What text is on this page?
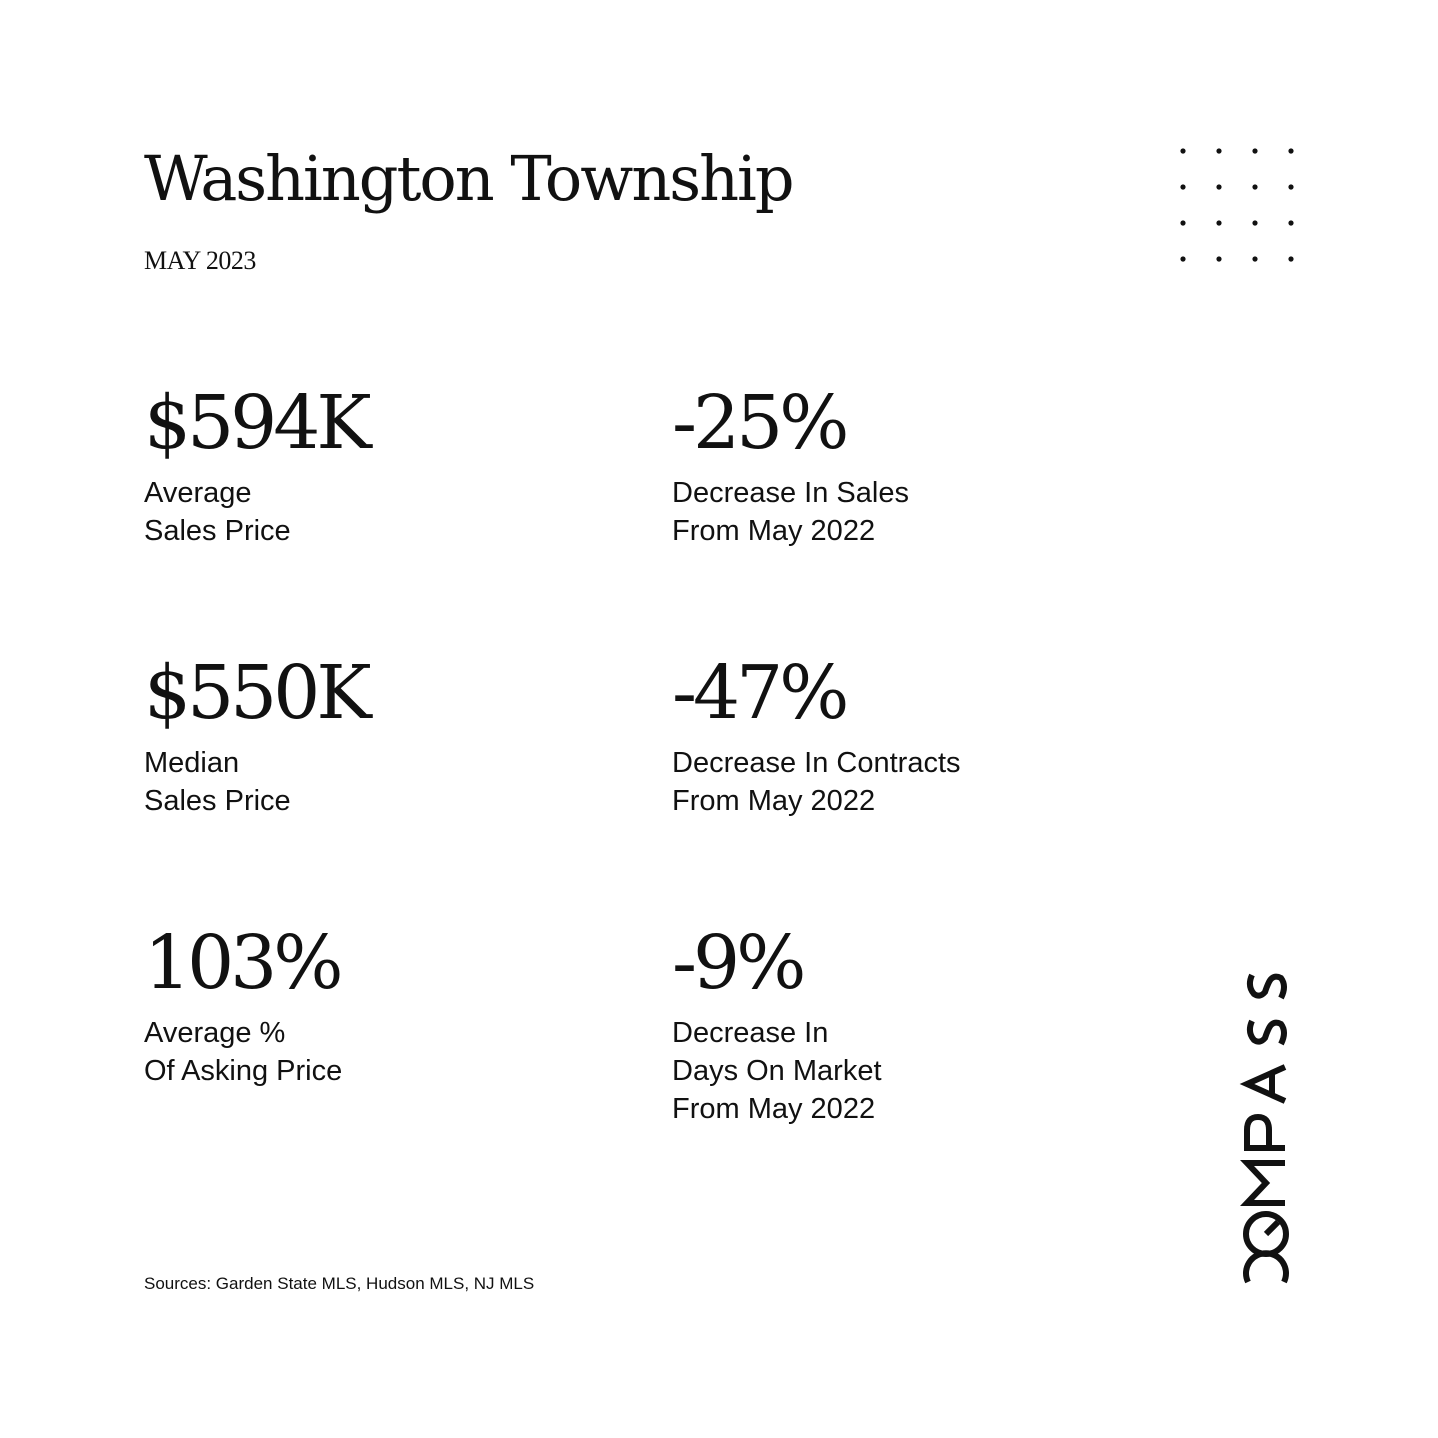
Washington Township
MAY 2023
$594K
Average
Sales Price
-25%
Decrease In Sales
From May 2022
$550K
Median
Sales Price
-47%
Decrease In Contracts
From May 2022
103%
Average %
Of Asking Price
-9%
Decrease In
Days On Market
From May 2022
Sources: Garden State MLS, Hudson MLS, NJ MLS
